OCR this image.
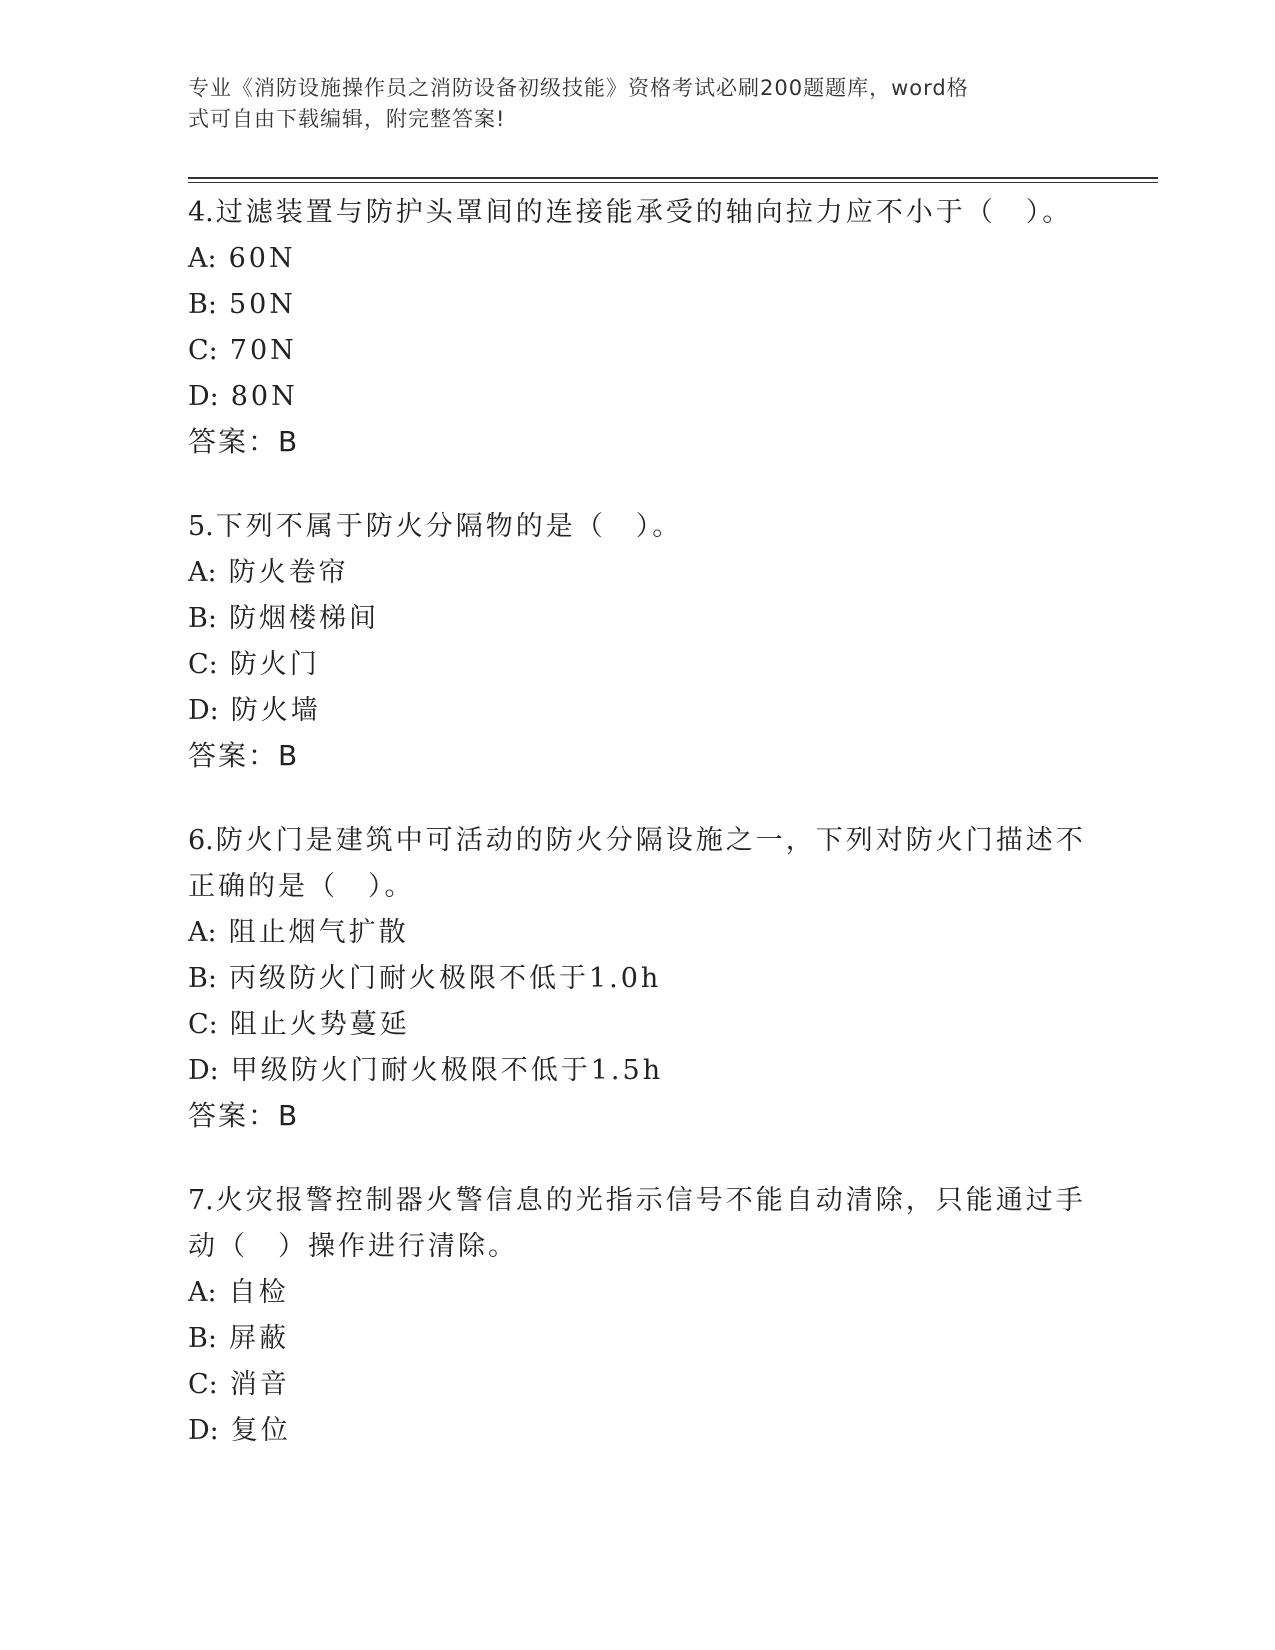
专业《消防设施操作员之消防设备初级技能》资格考试必刷200题题库，word格

式可自由下载编辑，附完整答案!

4.过滤装置与防护头罩间的连接能承受的轴向拉力应不小于（　）。

A: 60N
B: 50N
C: 70N
D: 80N
答案：B

5.下列不属于防火分隔物的是（　）。

A: 防火卷帘
B: 防烟楼梯间
C: 防火门
D: 防火墙
答案：B

6.防火门是建筑中可活动的防火分隔设施之一，下列对防火门描述不正确的是（　）。

A: 阻止烟气扩散
B: 丙级防火门耐火极限不低于1.0h
C: 阻止火势蔓延
D: 甲级防火门耐火极限不低于1.5h
答案：B

7.火灾报警控制器火警信息的光指示信号不能自动清除，只能通过手动（　）操作进行清除。

A: 自检
B: 屏蔽
C: 消音
D: 复位
